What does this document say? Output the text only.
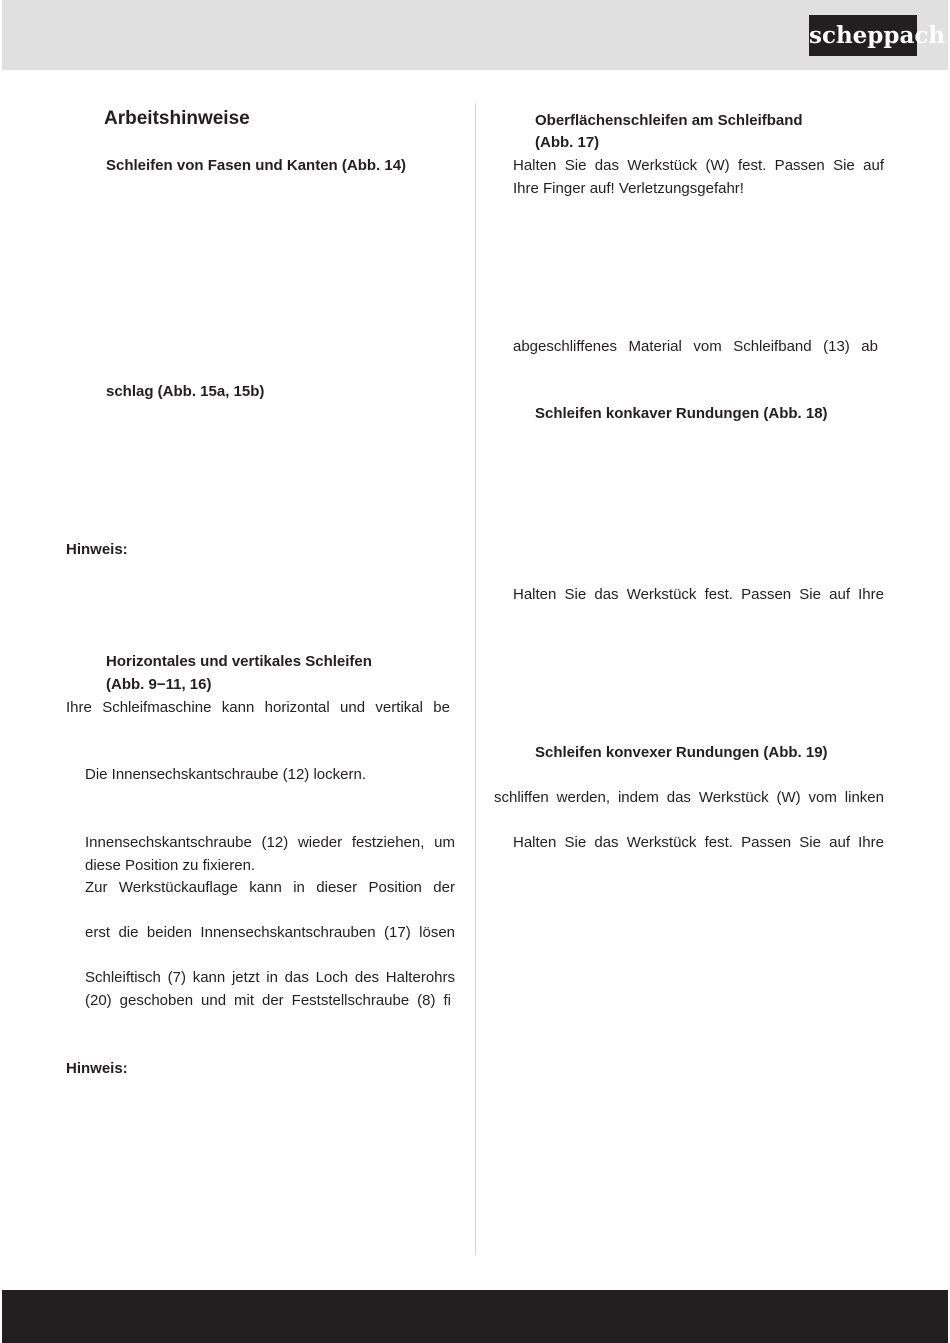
scheppach
Arbeitshinweise
Schleifen von Fasen und Kanten (Abb. 14)
schlag (Abb. 15a, 15b)
Hinweis:
Horizontales und vertikales Schleifen
(Abb. 9−11, 16)
Ihre Schleifmaschine kann horizontal und vertikal be
Die Innensechskantschraube (12) lockern.
Innensechskantschraube (12) wieder festziehen, um
diese Position zu fixieren.
Zur Werkstückauflage kann in dieser Position der
erst die beiden Innensechskantschrauben (17) lösen
Schleiftisch (7) kann jetzt in das Loch des Halterohrs
(20) geschoben und mit der Feststellschraube (8) fi
Hinweis:
Oberflächenschleifen am Schleifband
(Abb. 17)
Halten Sie das Werkstück (W) fest. Passen Sie auf
Ihre Finger auf! Verletzungsgefahr!
abgeschliffenes Material vom Schleifband (13) ab
Schleifen konkaver Rundungen (Abb. 18)
Halten Sie das Werkstück fest. Passen Sie auf Ihre
Schleifen konvexer Rundungen (Abb. 19)
schliffen werden, indem das Werkstück (W) vom linken
Halten Sie das Werkstück fest. Passen Sie auf Ihre
